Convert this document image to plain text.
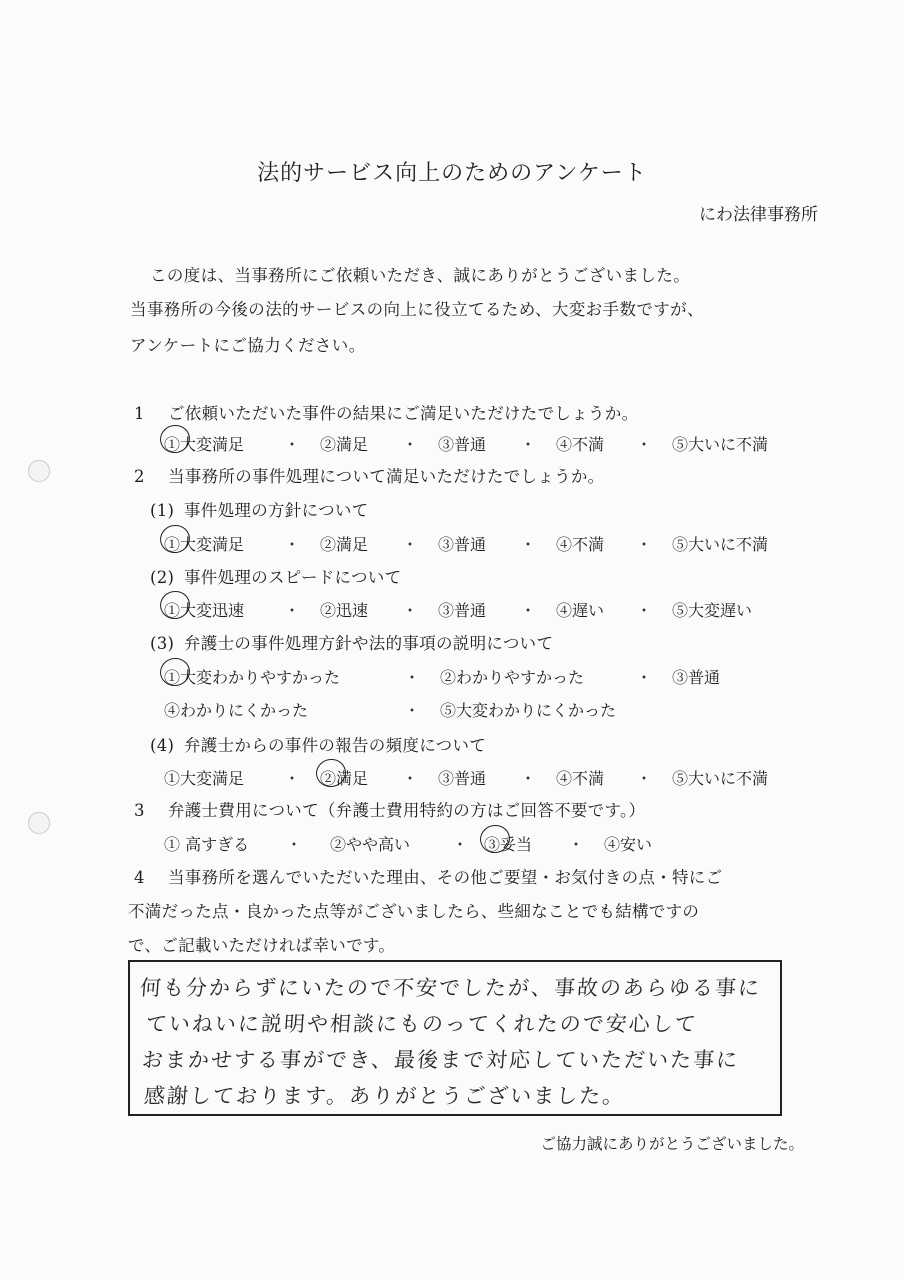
法的サービス向上のためのアンケート
にわ法律事務所
この度は、当事務所にご依頼いただき、誠にありがとうございました。
当事務所の今後の法的サービスの向上に役立てるため、大変お手数ですが、
アンケートにご協力ください。
1 ご依頼いただいた事件の結果にご満足いただけたでしょうか。
①大変満足 ・ ②満足 ・ ③普通 ・ ④不満 ・ ⑤大いに不満
2 当事務所の事件処理について満足いただけたでしょうか。
(1) 事件処理の方針について
①大変満足 ・ ②満足 ・ ③普通 ・ ④不満 ・ ⑤大いに不満
(2) 事件処理のスピードについて
①大変迅速 ・ ②迅速 ・ ③普通 ・ ④遅い ・ ⑤大変遅い
(3) 弁護士の事件処理方針や法的事項の説明について
①大変わかりやすかった	・ ②わかりやすかった	・ ③普通
④わかりにくかった	・ ⑤大変わかりにくかった
(4) 弁護士からの事件の報告の頻度について
①大変満足 ・ ②満足 ・ ③普通 ・ ④不満 ・ ⑤大いに不満
3 弁護士費用について（弁護士費用特約の方はご回答不要です。）
① 高すぎる ・ ②やや高い	・ ③妥当 ・ ④安い
4 当事務所を選んでいただいた理由、その他ご要望・お気付きの点・特にご
不満だった点・良かった点等がございましたら、些細なことでも結構ですの
で、ご記載いただければ幸いです。
何も分からずにいたので不安でしたが、事故のあらゆる事に
ていねいに説明や相談にものってくれたので安心して
おまかせする事ができ、最後まで対応していただいた事に
感謝しております。ありがとうございました。
ご協力誠にありがとうございました。
